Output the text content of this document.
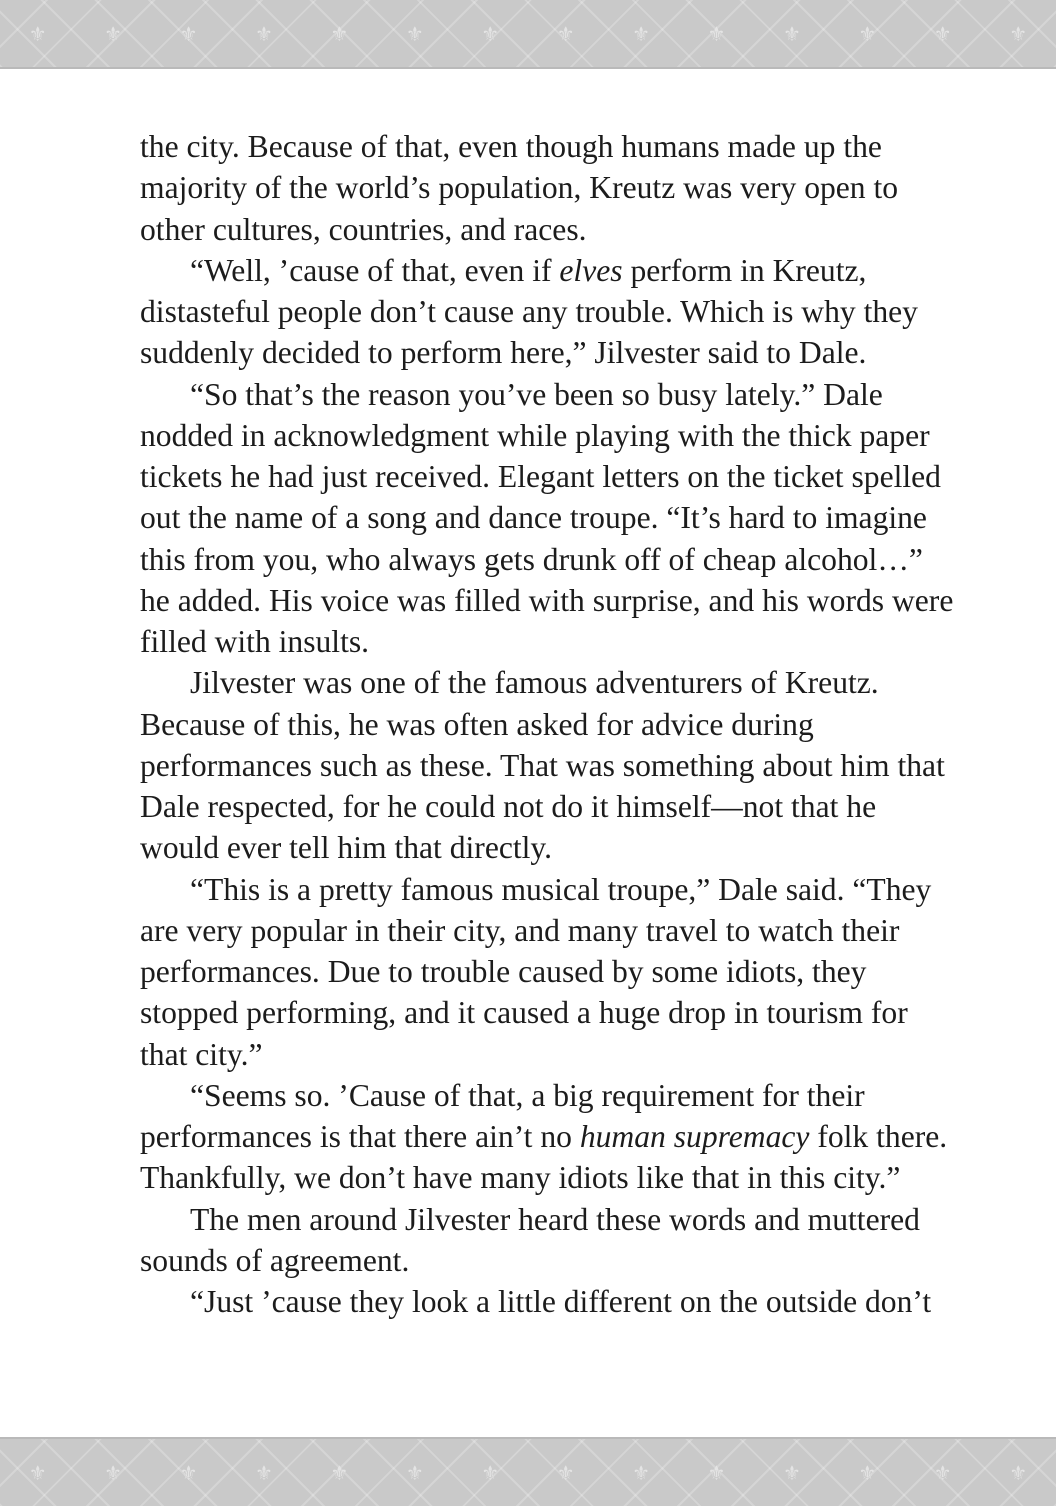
⚜	⚜	⚜	⚜	⚜	⚜	⚜	⚜	⚜	⚜	⚜	⚜	⚜	⚜

the city. Because of that, even though humans made up the majority of the world’s population, Kreutz was very open to other cultures, countries, and races.

“Well, ’cause of that, even if elves perform in Kreutz, distasteful people don’t cause any trouble. Which is why they suddenly decided to perform here,” Jilvester said to Dale.

“So that’s the reason you’ve been so busy lately.” Dale nodded in acknowledgment while playing with the thick paper tickets he had just received. Elegant letters on the ticket spelled out the name of a song and dance troupe. “It’s hard to imagine this from you, who always gets drunk off of cheap alcohol…” he added. His voice was filled with surprise, and his words were filled with insults.

Jilvester was one of the famous adventurers of Kreutz. Because of this, he was often asked for advice during performances such as these. That was something about him that Dale respected, for he could not do it himself—not that he would ever tell him that directly.

“This is a pretty famous musical troupe,” Dale said. “They are very popular in their city, and many travel to watch their performances. Due to trouble caused by some idiots, they stopped performing, and it caused a huge drop in tourism for that city.”

“Seems so. ’Cause of that, a big requirement for their performances is that there ain’t no human supremacy folk there. Thankfully, we don’t have many idiots like that in this city.”

The men around Jilvester heard these words and muttered sounds of agreement.

“Just ’cause they look a little different on the outside don’t

⚜	⚜	⚜	⚜	⚜	⚜	⚜	⚜	⚜	⚜	⚜	⚜	⚜	⚜
